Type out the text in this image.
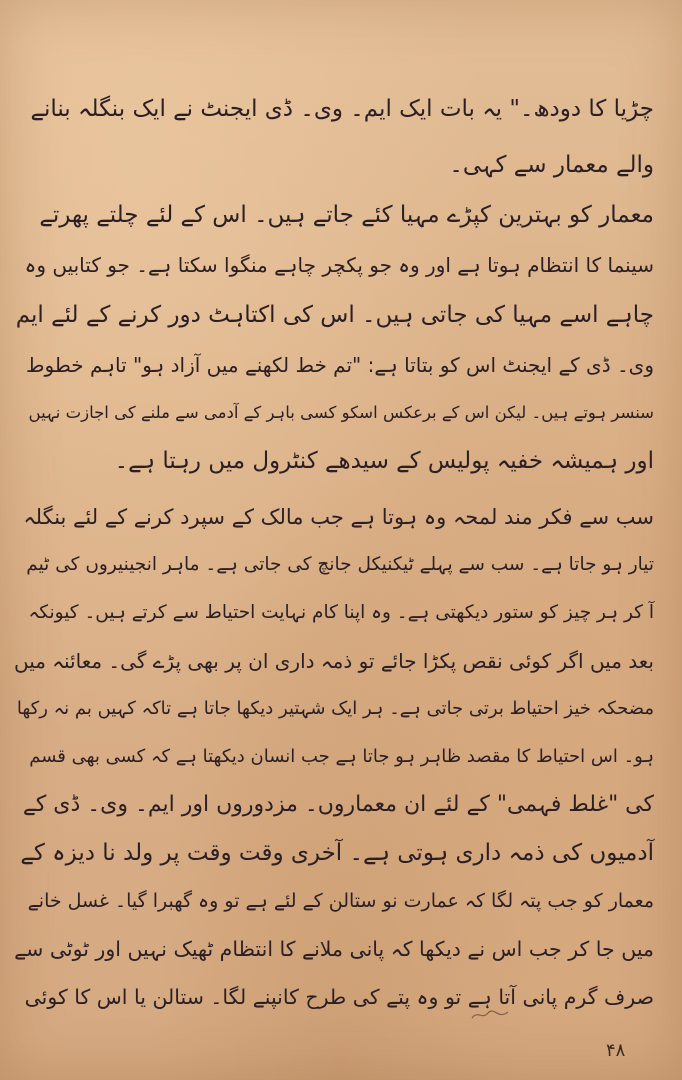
چڑیا کا دودھ۔" یہ بات ایک ایم۔ وی۔ ڈی ایجنٹ نے ایک بنگلہ بنانے
والے معمار سے کہی۔
معمار کو بہترین کپڑے مہیا کئے جاتے ہیں۔ اس کے لئے چلتے پھرتے
سینما کا انتظام ہوتا ہے اور وہ جو پکچر چاہے منگوا سکتا ہے۔ جو کتابیں وہ
چاہے اسے مہیا کی جاتی ہیں۔ اس کی اکتاہٹ دور کرنے کے لئے ایم
وی۔ ڈی کے ایجنٹ اس کو بتاتا ہے: "تم خط لکھنے میں آزاد ہو" تاہم خطوط
سنسر ہوتے ہیں۔ لیکن اس کے برعکس اسکو کسی باہر کے آدمی سے ملنے کی اجازت نہیں
اور ہمیشہ خفیہ پولیس کے سیدھے کنٹرول میں رہتا ہے۔
سب سے فکر مند لمحہ وہ ہوتا ہے جب مالک کے سپرد کرنے کے لئے بنگلہ
تیار ہو جاتا ہے۔ سب سے پہلے ٹیکنیکل جانچ کی جاتی ہے۔ ماہر انجینیروں کی ٹیم
آ کر ہر چیز کو ستور دیکھتی ہے۔ وہ اپنا کام نہایت احتیاط سے کرتے ہیں۔ کیونکہ
بعد میں اگر کوئی نقص پکڑا جائے تو ذمہ داری ان پر بھی پڑے گی۔ معائنہ میں
مضحکہ خیز احتیاط برتی جاتی ہے۔ ہر ایک شہتیر دیکھا جاتا ہے تاکہ کہیں بم نہ رکھا
ہو۔ اس احتیاط کا مقصد ظاہر ہو جاتا ہے جب انسان دیکھتا ہے کہ کسی بھی قسم
کی "غلط فہمی" کے لئے ان معماروں۔ مزدوروں اور ایم۔ وی۔ ڈی کے
آدمیوں کی ذمہ داری ہوتی ہے۔ آخری وقت وقت پر ولد نا دیزہ کے
معمار کو جب پتہ لگا کہ عمارت نو ستالن کے لئے ہے تو وہ گھبرا گیا۔ غسل خانے
میں جا کر جب اس نے دیکھا کہ پانی ملانے کا انتظام ٹھیک نہیں اور ٹوٹی سے
صرف گرم پانی آتا ہے تو وہ پتے کی طرح کانپنے لگا۔ ستالن یا اس کا کوئی
۴۸
